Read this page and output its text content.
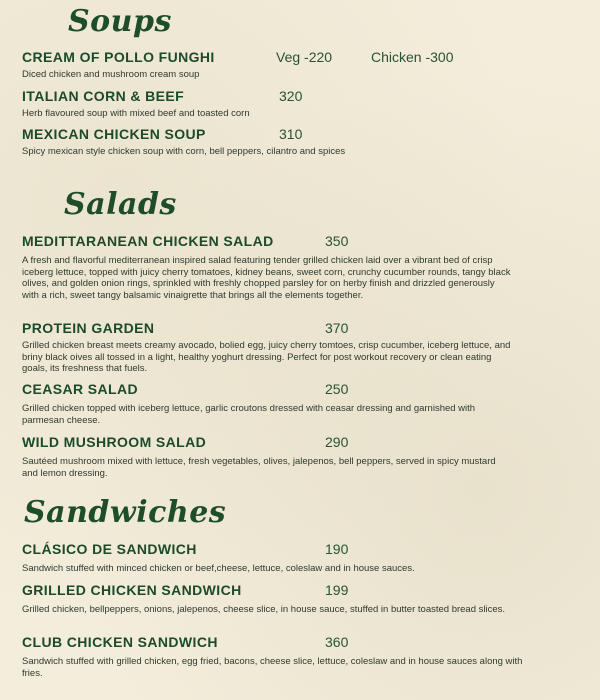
Soups
CREAM OF POLLO FUNGHI	Veg -220	Chicken -300

Diced chicken and mushroom cream soup

ITALIAN CORN & BEEF	320

Herb flavoured soup with mixed beef and toasted corn

MEXICAN CHICKEN SOUP	310

Spicy mexican style chicken soup with corn, bell peppers, cilantro and spices

Salads
MEDITTARANEAN CHICKEN SALAD	350

A fresh and flavorful mediterranean inspired salad featuring tender grilled chicken laid over a vibrant bed of crisp iceberg lettuce, topped with juicy cherry tomatoes, kidney beans, sweet corn, crunchy cucumber rounds, tangy black olives, and golden onion rings, sprinkled with freshly chopped parsley for on herby finish and drizzled generously with a rich, sweet tangy balsamic vinaigrette that brings all the elements together.

PROTEIN GARDEN	370

Grilled chicken breast meets creamy avocado, bolied egg, juicy cherry tomtoes, crisp cucumber, iceberg lettuce, and briny black oives all tossed in a light, healthy yoghurt dressing. Perfect for post workout recovery or clean eating goals, its freshness that fuels.

CEASAR SALAD	250

Grilled chicken topped with iceberg lettuce, garlic croutons dressed with ceasar dressing and garnished with parmesan cheese.

WILD MUSHROOM SALAD	290

Sautéed mushroom mixed with lettuce, fresh vegetables, olives, jalepenos, bell peppers, served in spicy mustard and lemon dressing.

Sandwiches
CLÁSICO DE SANDWICH	190

Sandwich stuffed with minced chicken or beef,cheese, lettuce, coleslaw and in house sauces.

GRILLED CHICKEN SANDWICH	199

Grilled chicken, bellpeppers, onions, jalepenos, cheese slice, in house sauce, stuffed in butter toasted bread slices.

CLUB CHICKEN SANDWICH	360

Sandwich stuffed with grilled chicken, egg fried, bacons, cheese slice, lettuce, coleslaw and in house sauces along with fries.
